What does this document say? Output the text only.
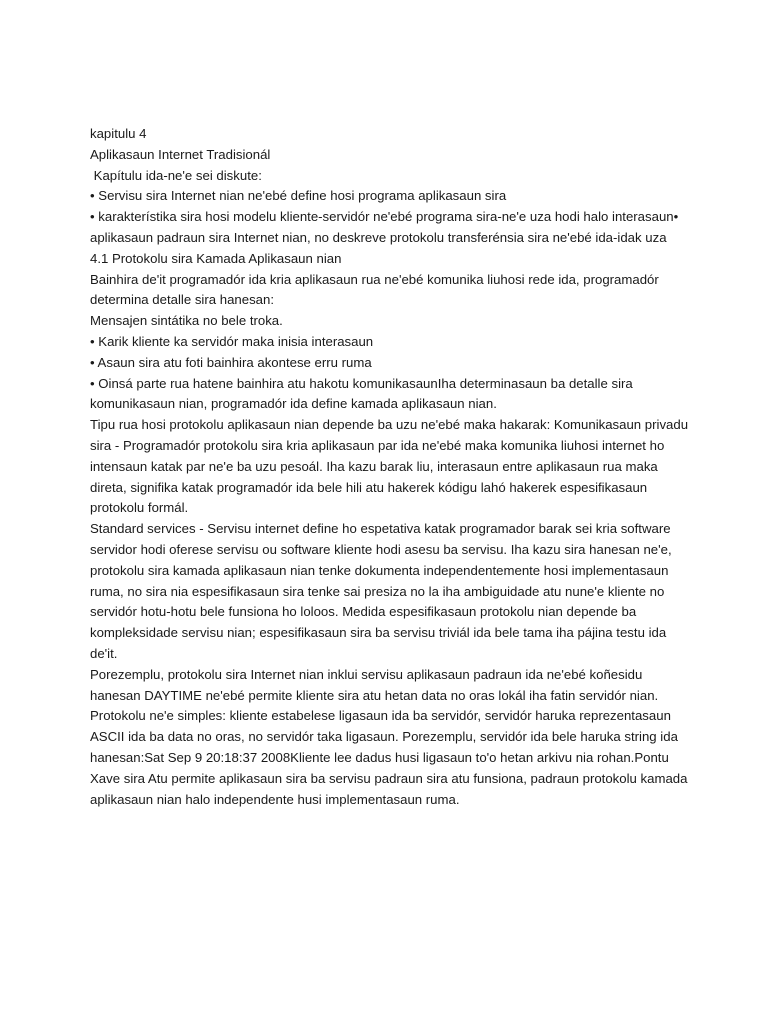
kapitulu 4

Aplikasaun Internet Tradisionál

Kapítulu ida-ne'e sei diskute:

• Servisu sira Internet nian ne'ebé define hosi programa aplikasaun sira

• karakterístika sira hosi modelu kliente-servidór ne'ebé programa sira-ne'e uza hodi halo interasaun• aplikasaun padraun sira Internet nian, no deskreve protokolu transferénsia sira ne'ebé ida-idak uza

4.1 Protokolu sira Kamada Aplikasaun nian

Bainhira de'it programadór ida kria aplikasaun rua ne'ebé komunika liuhosi rede ida, programadór determina detalle sira hanesan:

Mensajen sintátika no bele troka.

• Karik kliente ka servidór maka inisia interasaun

• Asaun sira atu foti bainhira akontese erru ruma

• Oinsá parte rua hatene bainhira atu hakotu komunikasaunIha determinasaun ba detalle sira komunikasaun nian, programadór ida define kamada aplikasaun nian.

Tipu rua hosi protokolu aplikasaun nian depende ba uzu ne'ebé maka hakarak: Komunikasaun privadu sira - Programadór protokolu sira kria aplikasaun par ida ne'ebé maka komunika liuhosi internet ho intensaun katak par ne'e ba uzu pesoál. Iha kazu barak liu, interasaun entre aplikasaun rua maka direta, signifika katak programadór ida bele hili atu hakerek kódigu lahó hakerek espesifikasaun protokolu formál.

Standard services - Servisu internet define ho espetativa katak programador barak sei kria software servidor hodi oferese servisu ou software kliente hodi asesu ba servisu. Iha kazu sira hanesan ne'e, protokolu sira kamada aplikasaun nian tenke dokumenta independentemente hosi implementasaun ruma, no sira nia espesifikasaun sira tenke sai presiza no la iha ambiguidade atu nune'e kliente no servidór hotu-hotu bele funsiona ho loloos. Medida espesifikasaun protokolu nian depende ba kompleksidade servisu nian; espesifikasaun sira ba servisu triviál ida bele tama iha pájina testu ida de'it.

Porezemplu, protokolu sira Internet nian inklui servisu aplikasaun padraun ida ne'ebé koñesidu hanesan DAYTIME ne'ebé permite kliente sira atu hetan data no oras lokál iha fatin servidór nian. Protokolu ne'e simples: kliente estabelese ligasaun ida ba servidór, servidór haruka reprezentasaun ASCII ida ba data no oras, no servidór taka ligasaun. Porezemplu, servidór ida bele haruka string ida hanesan:Sat Sep 9 20:18:37 2008Kliente lee dadus husi ligasaun to'o hetan arkivu nia rohan.Pontu Xave sira Atu permite aplikasaun sira ba servisu padraun sira atu funsiona, padraun protokolu kamada aplikasaun nian halo independente husi implementasaun ruma.
